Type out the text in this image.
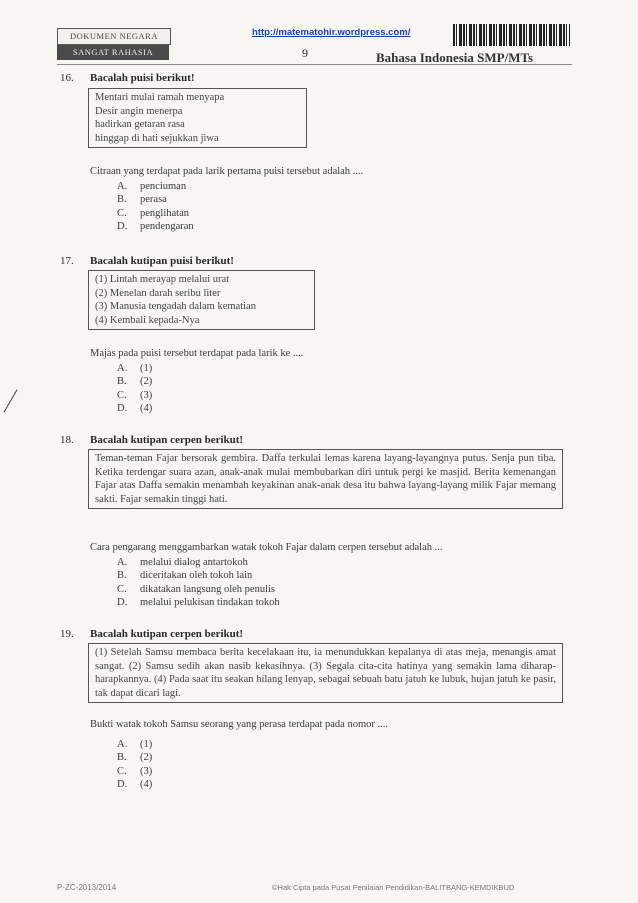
DOKUMEN NEGARA
SANGAT RAHASIA
http://matematohir.wordpress.com/
9	Bahasa Indonesia SMP/MTs
16. Bacalah puisi berikut!
Mentari mulai ramah menyapa
Desir angin menerpa
hadirkan getaran rasa
hinggap di hati sejukkan jiwa
Citraan yang terdapat pada larik pertama puisi tersebut adalah ....
A. penciuman
B. perasa
C. penglihatan
D. pendengaran
17. Bacalah kutipan puisi berikut!
(1) Lintah merayap melalui urat
(2) Menelan darah seribu liter
(3) Manusia tengadah dalam kematian
(4) Kembali kepada-Nya
Majas pada puisi tersebut terdapat pada larik ke ....
A. (1)
B. (2)
C. (3)
D. (4)
18. Bacalah kutipan cerpen berikut!
Teman-teman Fajar bersorak gembira. Daffa terkulai lemas karena layang-layangnya putus. Senja pun tiba. Ketika terdengar suara azan, anak-anak mulai membubarkan diri untuk pergi ke masjid. Berita kemenangan Fajar atas Daffa semakin menambah keyakinan anak-anak desa itu bahwa layang-layang milik Fajar memang sakti. Fajar semakin tinggi hati.
Cara pengarang menggambarkan watak tokoh Fajar dalam cerpen tersebut adalah ...
A. melalui dialog antartokoh
B. diceritakan oleh tokoh lain
C. dikatakan langsung oleh penulis
D. melalui pelukisan tindakan tokoh
19. Bacalah kutipan cerpen berikut!
(1) Setelah Samsu membaca berita kecelakaan itu, ia menundukkan kepalanya di atas meja, menangis amat sangat. (2) Samsu sedih akan nasib kekasihnya. (3) Segala cita-cita hatinya yang semakin lama diharap-harapkannya. (4) Pada saat itu seakan hilang lenyap, sebagai sebuah batu jatuh ke lubuk, hujan jatuh ke pasir, tak dapat dicari lagi.
Bukti watak tokoh Samsu seorang yang perasa terdapat pada nomor ....
A. (1)
B. (2)
C. (3)
D. (4)
P-ZC-2013/2014	©Hak Cipta pada Pusat Penilaian Pendidikan-BALITBANG-KEMDIKBUD
